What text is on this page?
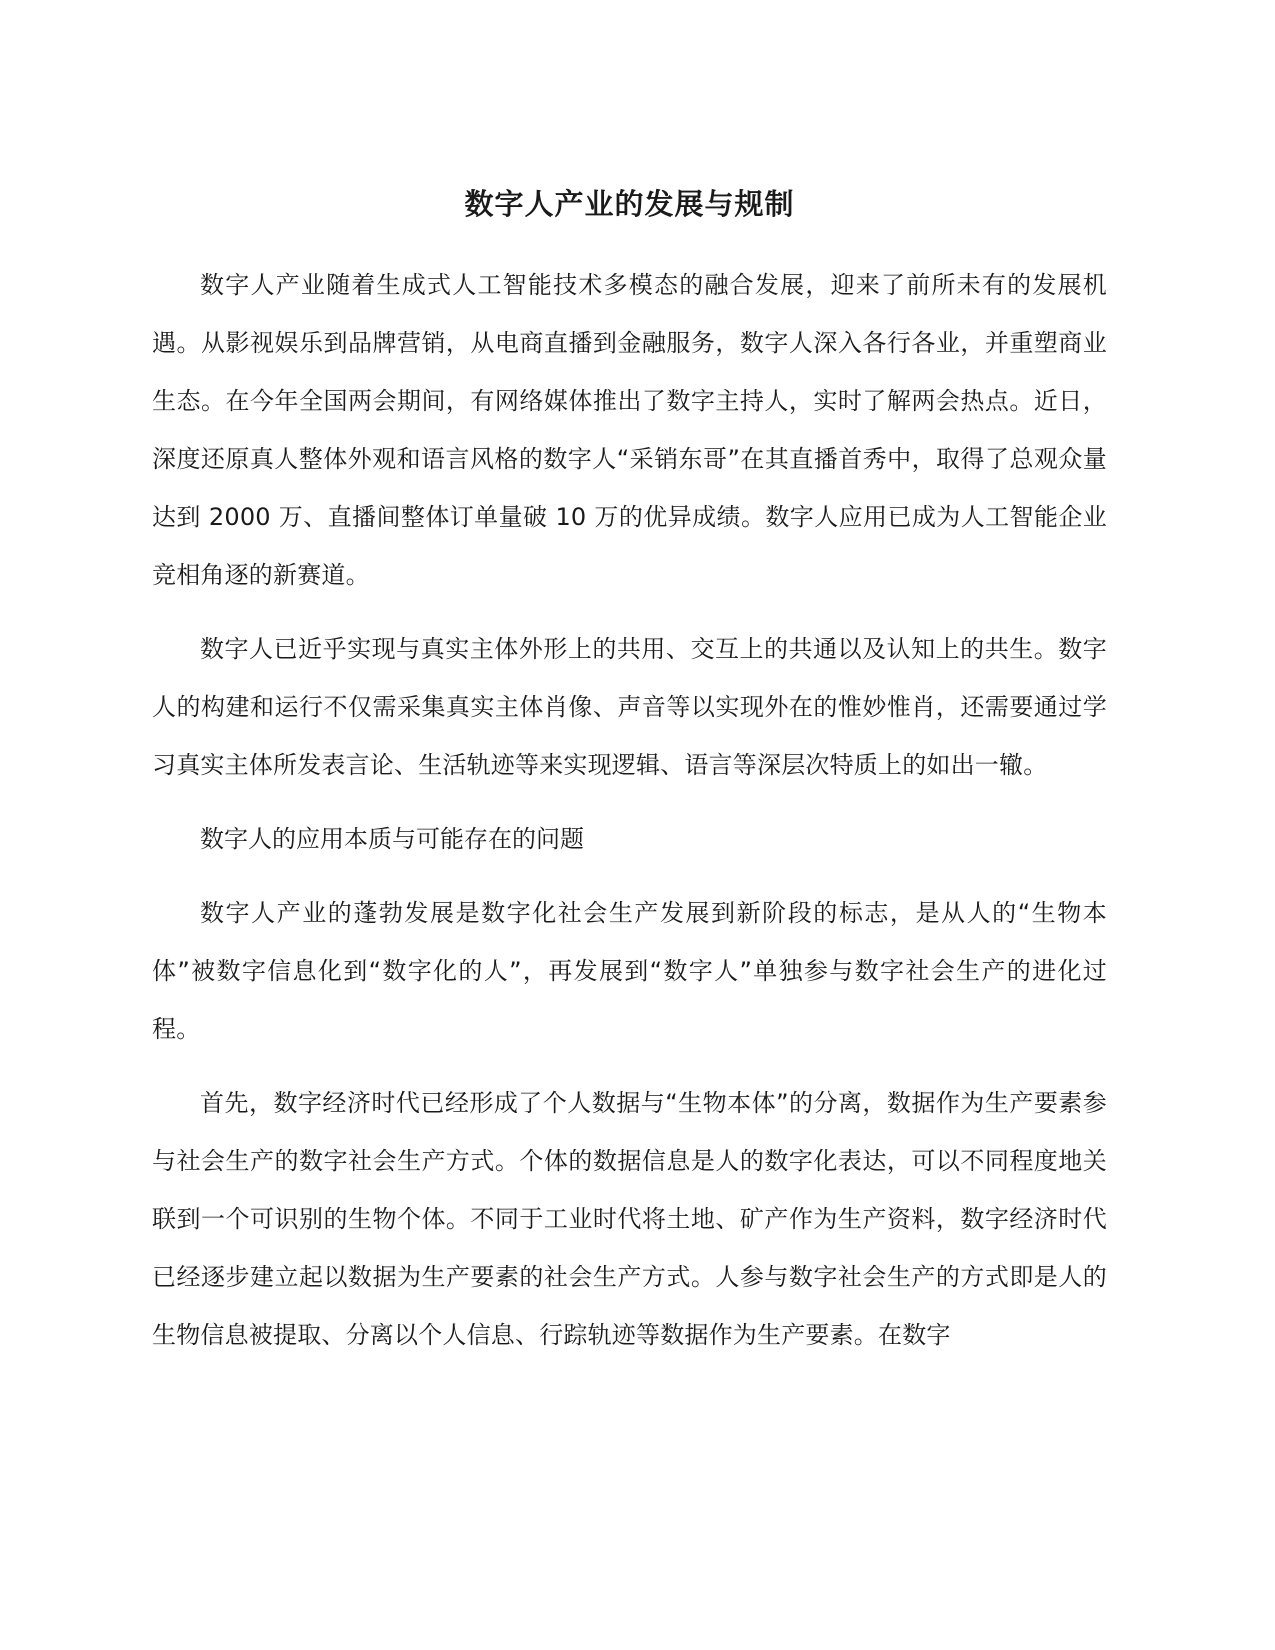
数字人产业的发展与规制

数字人产业随着生成式人工智能技术多模态的融合发展，迎来了前所未有的发展机遇。从影视娱乐到品牌营销，从电商直播到金融服务，数字人深入各行各业，并重塑商业生态。在今年全国两会期间，有网络媒体推出了数字主持人，实时了解两会热点。近日，深度还原真人整体外观和语言风格的数字人“采销东哥”在其直播首秀中，取得了总观众量达到 2000 万、直播间整体订单量破 10 万的优异成绩。数字人应用已成为人工智能企业竞相角逐的新赛道。

数字人已近乎实现与真实主体外形上的共用、交互上的共通以及认知上的共生。数字人的构建和运行不仅需采集真实主体肖像、声音等以实现外在的惟妙惟肖，还需要通过学习真实主体所发表言论、生活轨迹等来实现逻辑、语言等深层次特质上的如出一辙。

数字人的应用本质与可能存在的问题

数字人产业的蓬勃发展是数字化社会生产发展到新阶段的标志，是从人的“生物本体”被数字信息化到“数字化的人”，再发展到“数字人”单独参与数字社会生产的进化过程。

首先，数字经济时代已经形成了个人数据与“生物本体”的分离，数据作为生产要素参与社会生产的数字社会生产方式。个体的数据信息是人的数字化表达，可以不同程度地关联到一个可识别的生物个体。不同于工业时代将土地、矿产作为生产资料，数字经济时代已经逐步建立起以数据为生产要素的社会生产方式。人参与数字社会生产的方式即是人的生物信息被提取、分离以个人信息、行踪轨迹等数据作为生产要素。在数字
